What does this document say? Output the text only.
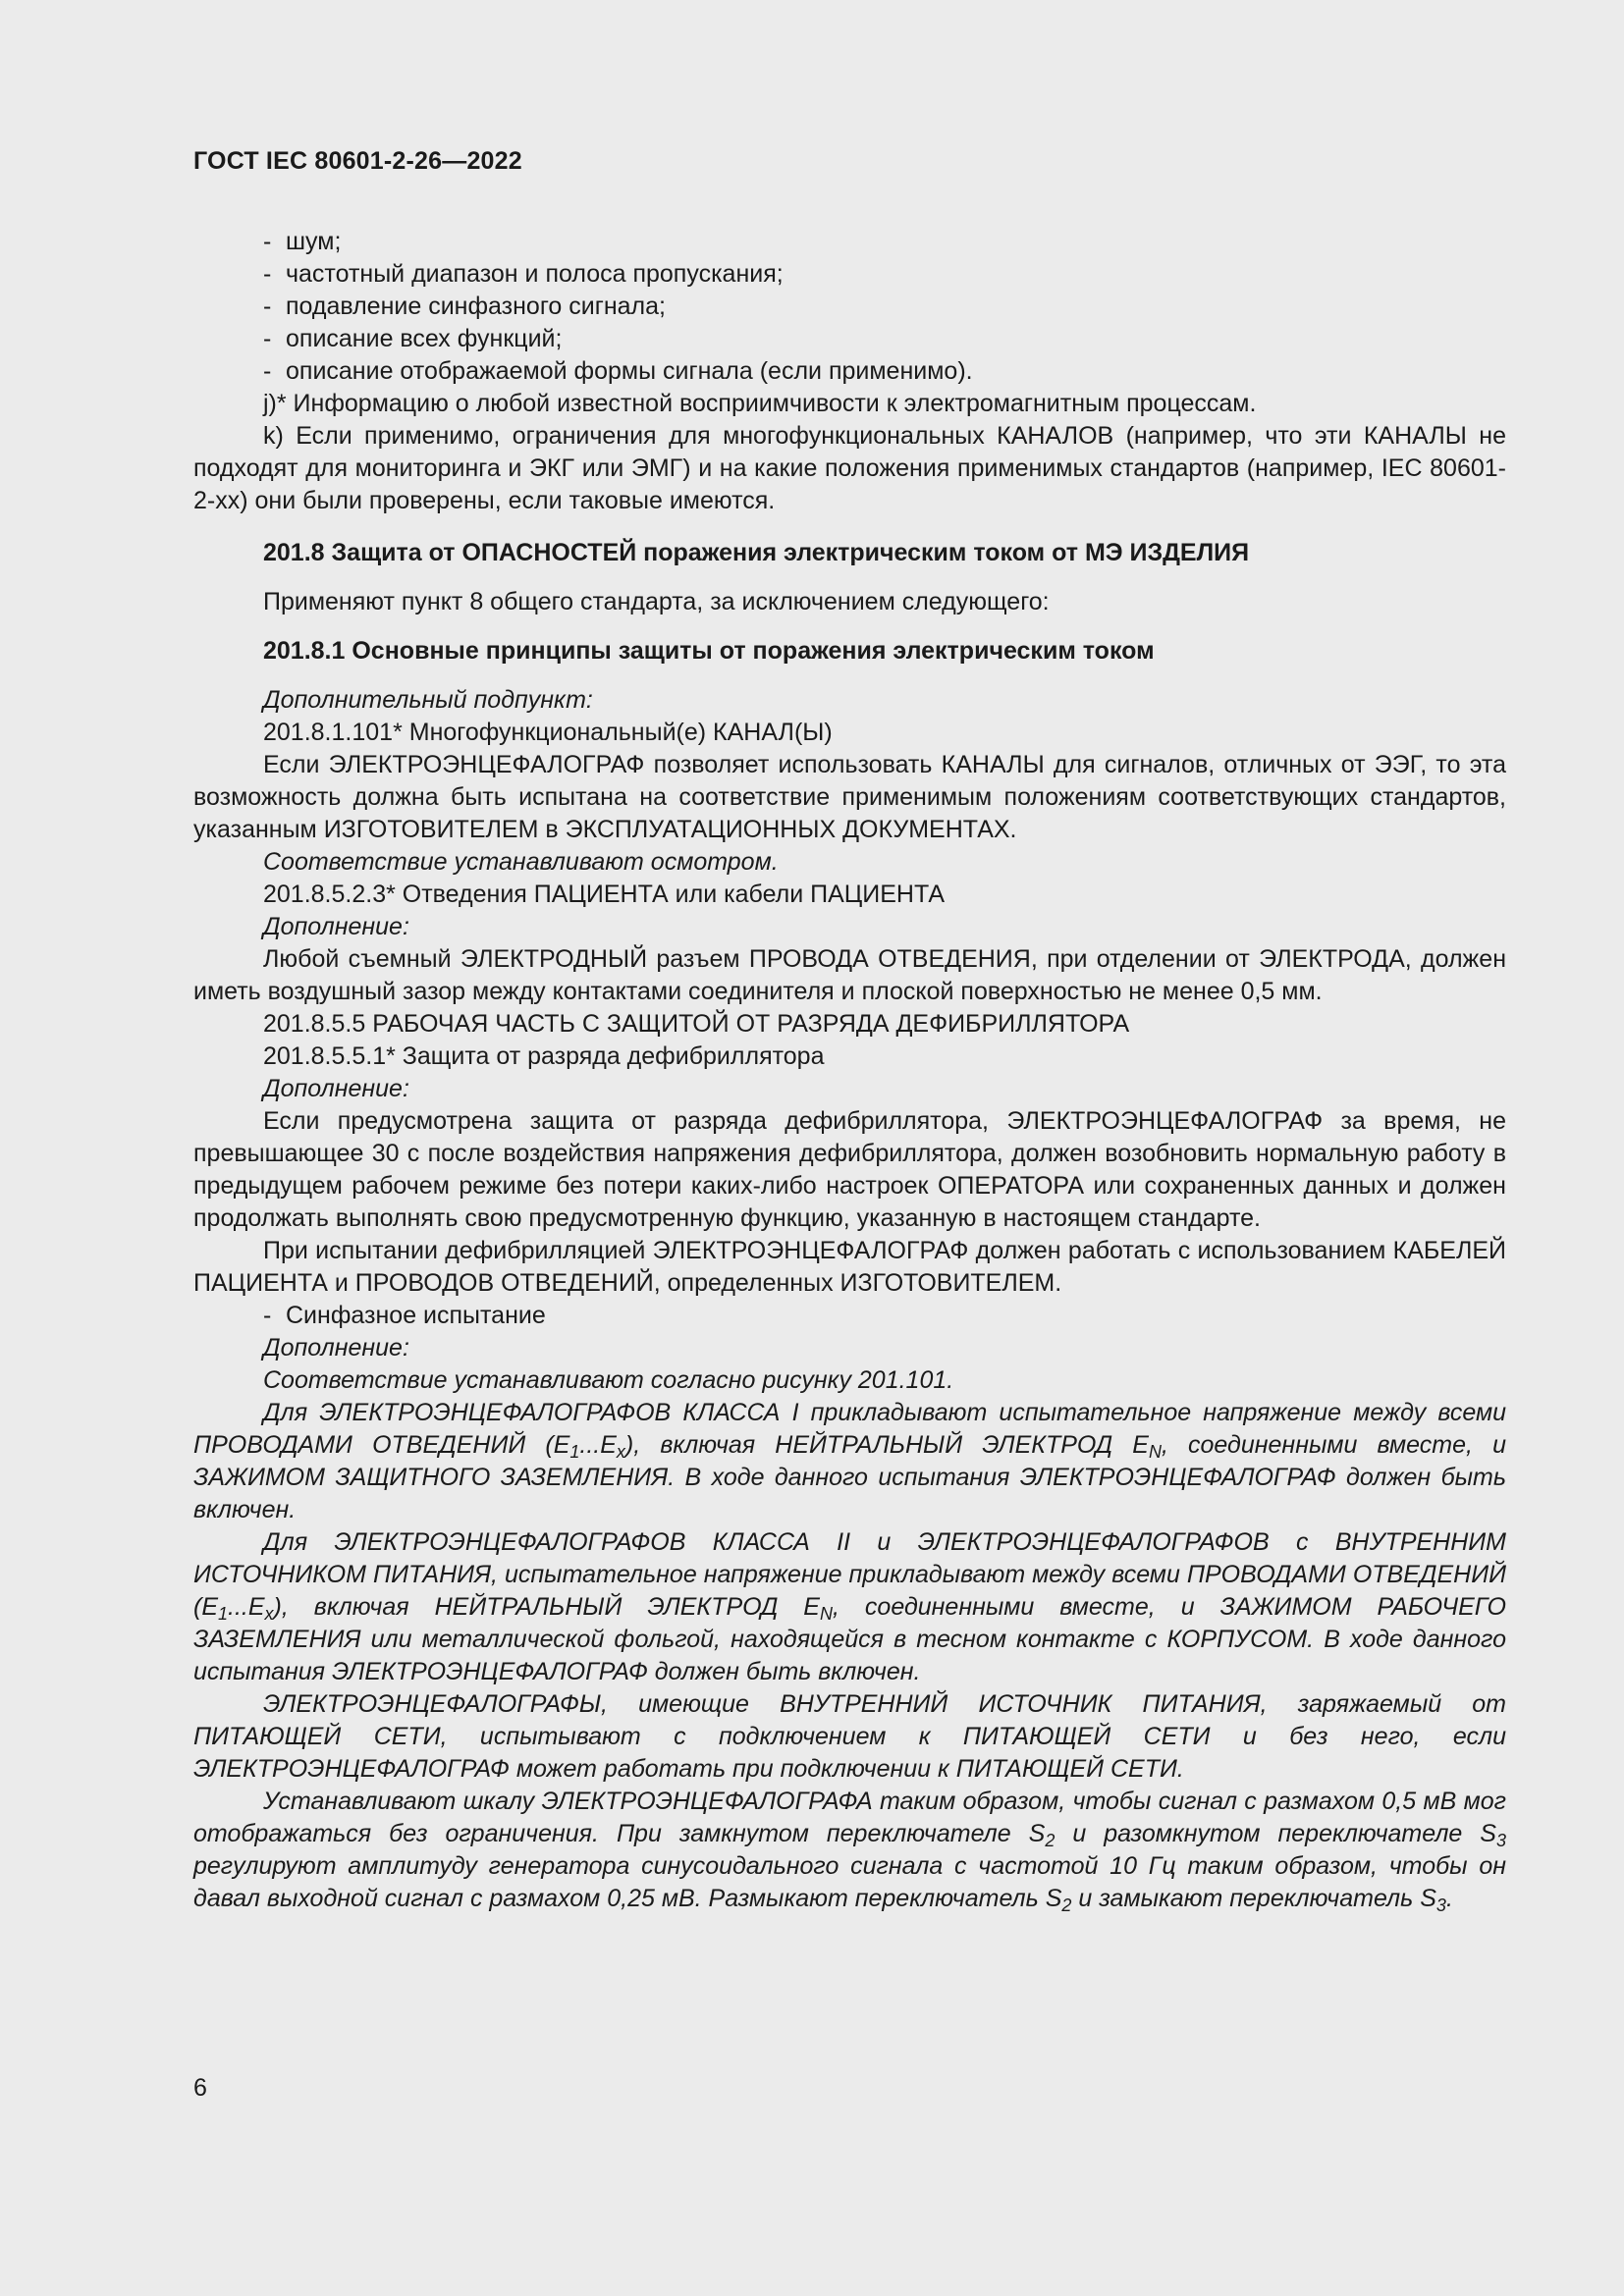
ГОСТ IEC 80601-2-26—2022

- шум;

- частотный диапазон и полоса пропускания;

- подавление синфазного сигнала;

- описание всех функций;

- описание отображаемой формы сигнала (если применимо).

j)* Информацию о любой известной восприимчивости к электромагнитным процессам.

k) Если применимо, ограничения для многофункциональных КАНАЛОВ (например, что эти КАНАЛЫ не подходят для мониторинга и ЭКГ или ЭМГ) и на какие положения применимых стандартов (например, IEC 80601-2-xx) они были проверены, если таковые имеются.

201.8 Защита от ОПАСНОСТЕЙ поражения электрическим током от МЭ ИЗДЕЛИЯ

Применяют пункт 8 общего стандарта, за исключением следующего:

201.8.1 Основные принципы защиты от поражения электрическим током

Дополнительный подпункт:

201.8.1.101* Многофункциональный(е) КАНАЛ(Ы)

Если ЭЛЕКТРОЭНЦЕФАЛОГРАФ позволяет использовать КАНАЛЫ для сигналов, отличных от ЭЭГ, то эта возможность должна быть испытана на соответствие применимым положениям соответствующих стандартов, указанным ИЗГОТОВИТЕЛЕМ в ЭКСПЛУАТАЦИОННЫХ ДОКУМЕНТАХ.

Соответствие устанавливают осмотром.

201.8.5.2.3* Отведения ПАЦИЕНТА или кабели ПАЦИЕНТА

Дополнение:

Любой съемный ЭЛЕКТРОДНЫЙ разъем ПРОВОДА ОТВЕДЕНИЯ, при отделении от ЭЛЕКТРОДА, должен иметь воздушный зазор между контактами соединителя и плоской поверхностью не менее 0,5 мм.

201.8.5.5 РАБОЧАЯ ЧАСТЬ С ЗАЩИТОЙ ОТ РАЗРЯДА ДЕФИБРИЛЛЯТОРА

201.8.5.5.1* Защита от разряда дефибриллятора

Дополнение:

Если предусмотрена защита от разряда дефибриллятора, ЭЛЕКТРОЭНЦЕФАЛОГРАФ за время, не превышающее 30 с после воздействия напряжения дефибриллятора, должен возобновить нормальную работу в предыдущем рабочем режиме без потери каких-либо настроек ОПЕРАТОРА или сохраненных данных и должен продолжать выполнять свою предусмотренную функцию, указанную в настоящем стандарте.

При испытании дефибрилляцией ЭЛЕКТРОЭНЦЕФАЛОГРАФ должен работать с использованием КАБЕЛЕЙ ПАЦИЕНТА и ПРОВОДОВ ОТВЕДЕНИЙ, определенных ИЗГОТОВИТЕЛЕМ.

- Синфазное испытание

Дополнение:

Соответствие устанавливают согласно рисунку 201.101.

Для ЭЛЕКТРОЭНЦЕФАЛОГРАФОВ КЛАССА I прикладывают испытательное напряжение между всеми ПРОВОДАМИ ОТВЕДЕНИЙ $(E_1...E_x)$, включая НЕЙТРАЛЬНЫЙ ЭЛЕКТРОД $E_N$, соединенными вместе, и ЗАЖИМОМ ЗАЩИТНОГО ЗАЗЕМЛЕНИЯ. В ходе данного испытания ЭЛЕКТРОЭНЦЕФАЛОГРАФ должен быть включен.

Для ЭЛЕКТРОЭНЦЕФАЛОГРАФОВ КЛАССА II и ЭЛЕКТРОЭНЦЕФАЛОГРАФОВ с ВНУТРЕННИМ ИСТОЧНИКОМ ПИТАНИЯ, испытательное напряжение прикладывают между всеми ПРОВОДАМИ ОТВЕДЕНИЙ $(E_1...E_x)$, включая НЕЙТРАЛЬНЫЙ ЭЛЕКТРОД $E_N$, соединенными вместе, и ЗАЖИМОМ РАБОЧЕГО ЗАЗЕМЛЕНИЯ или металлической фольгой, находящейся в тесном контакте с КОРПУСОМ. В ходе данного испытания ЭЛЕКТРОЭНЦЕФАЛОГРАФ должен быть включен.

ЭЛЕКТРОЭНЦЕФАЛОГРАФЫ, имеющие ВНУТРЕННИЙ ИСТОЧНИК ПИТАНИЯ, заряжаемый от ПИТАЮЩЕЙ СЕТИ, испытывают с подключением к ПИТАЮЩЕЙ СЕТИ и без него, если ЭЛЕКТРОЭНЦЕФАЛОГРАФ может работать при подключении к ПИТАЮЩЕЙ СЕТИ.

Устанавливают шкалу ЭЛЕКТРОЭНЦЕФАЛОГРАФА таким образом, чтобы сигнал с размахом 0,5 мВ мог отображаться без ограничения. При замкнутом переключателе $S_2$ и разомкнутом переключателе $S_3$ регулируют амплитуду генератора синусоидального сигнала с частотой 10 Гц таким образом, чтобы он давал выходной сигнал с размахом 0,25 мВ. Размыкают переключатель $S_2$ и замыкают переключатель $S_3$.

6
